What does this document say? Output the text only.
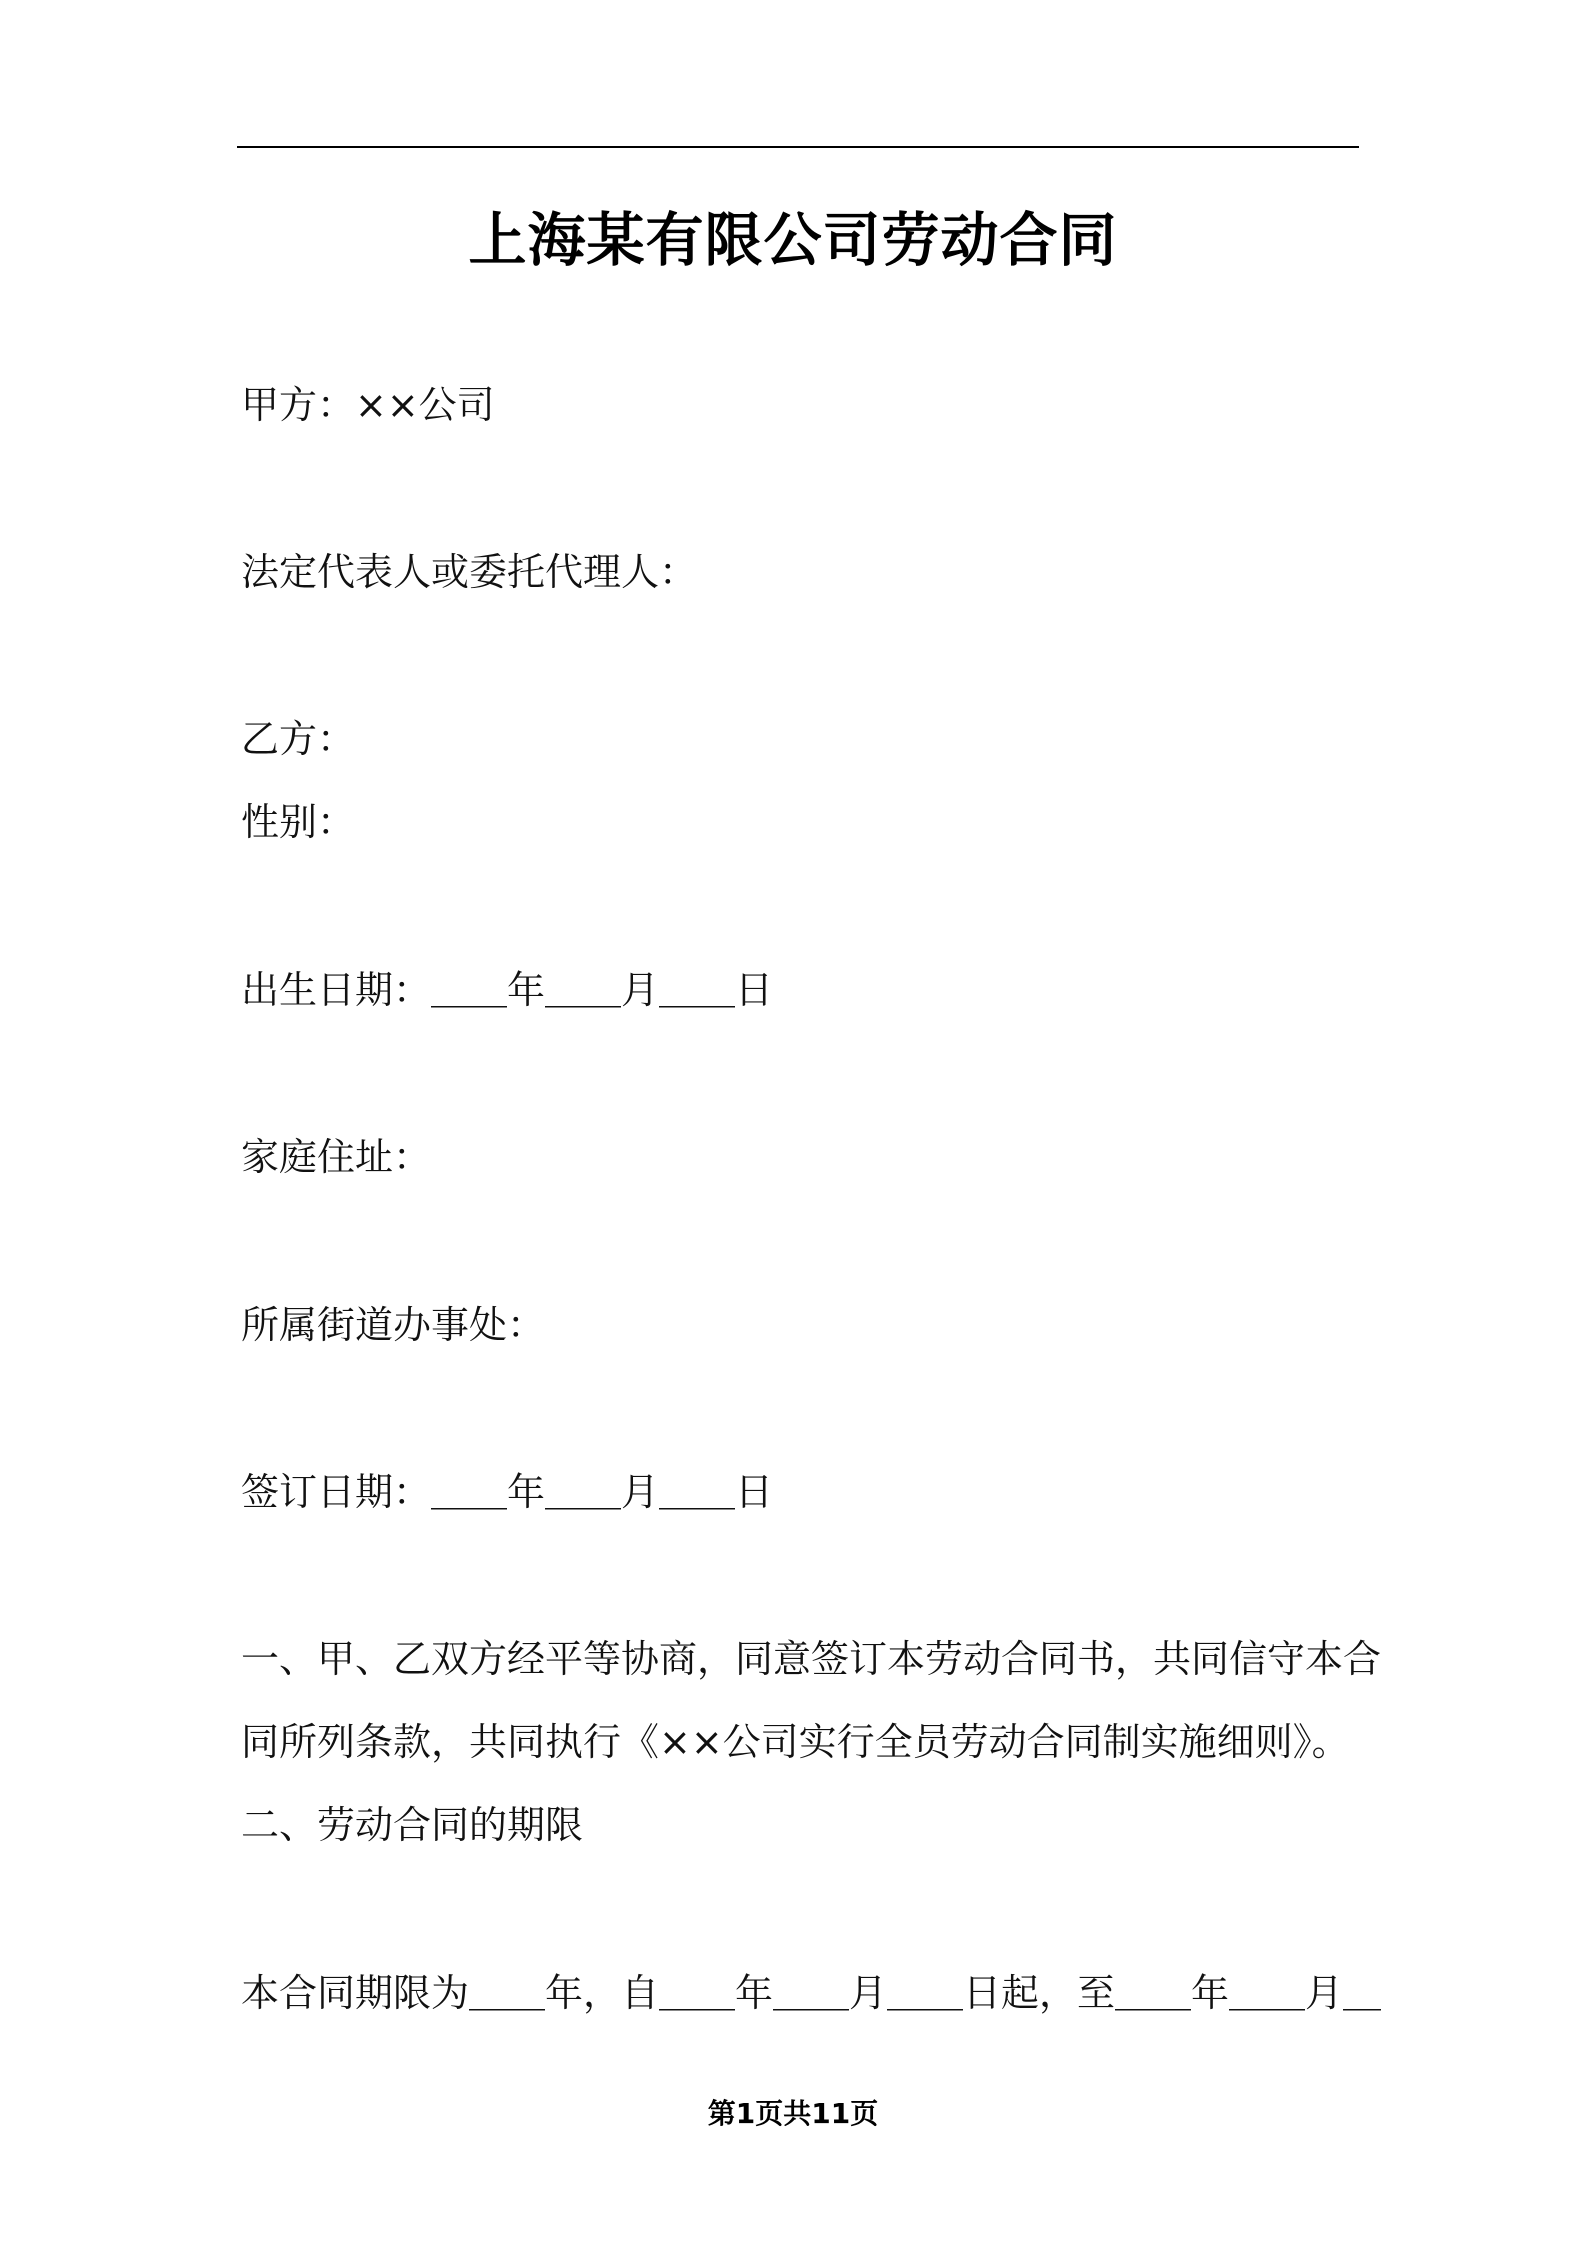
上海某有限公司劳动合同
甲方：××公司
法定代表人或委托代理人：
乙方：
性别：
出生日期：＿＿年＿＿月＿＿日
家庭住址：
所属街道办事处：
签订日期：＿＿年＿＿月＿＿日
一、甲、乙双方经平等协商，同意签订本劳动合同书，共同信守本合
同所列条款，共同执行《××公司实行全员劳动合同制实施细则》。
二、劳动合同的期限
本合同期限为＿＿年，自＿＿年＿＿月＿＿日起，至＿＿年＿＿月＿
第1页共11页
